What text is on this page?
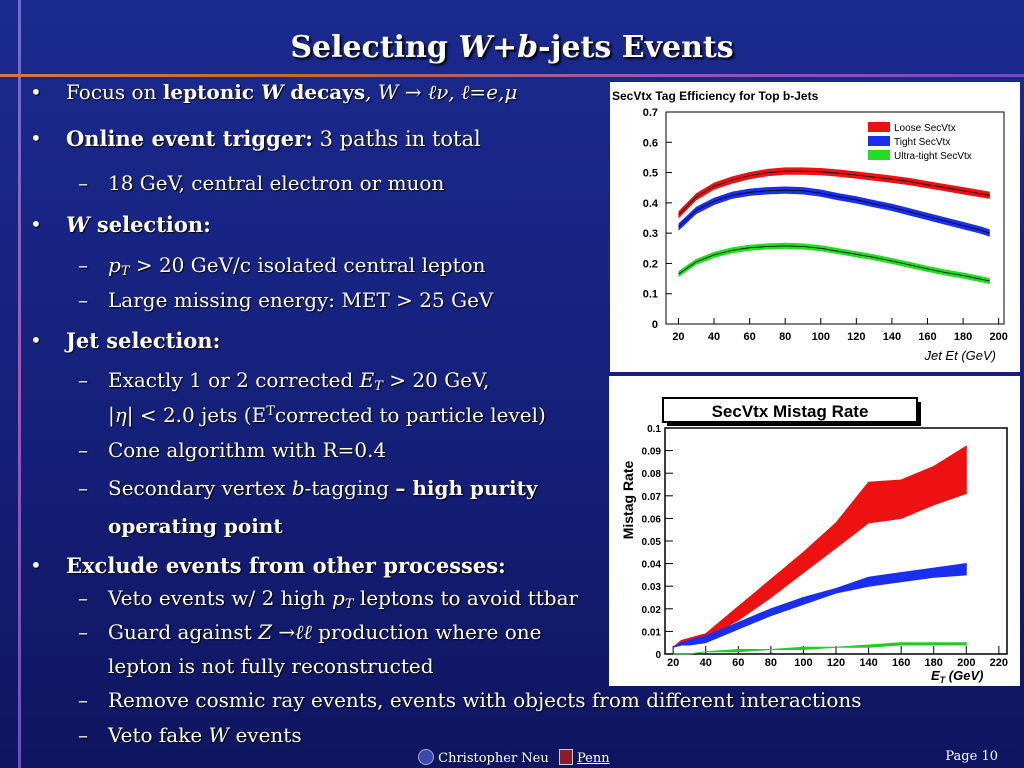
Selecting W+b-jets Events
•	Focus on leptonic W decays, W → ℓν, ℓ=e,μ
•	Online event trigger: 3 paths in total
–	18 GeV, central electron or muon
•	W selection:
–	$p_T > 20$ GeV/c isolated central lepton
–	Large missing energy: MET > 25 GeV
•	Jet selection:
–	Exactly 1 or 2 corrected $E_T > 20$ GeV,
| η | < 2.0 jets (E T corrected to particle level)
–	Cone algorithm with R=0.4
–	Secondary vertex b-tagging – high purity
operating point
•	Exclude events from other processes:
–	Veto events w/ 2 high $p_T$ leptons to avoid ttbar
–	Guard against Z →ℓℓ production where one
lepton is not fully reconstructed
–	Remove cosmic ray events, events with objects from different interactions
–	Veto fake W events
SecVtx Tag Efficiency for Top b-Jets
0
0.1
0.2
0.3
0.4
0.5
0.6
0.7
20 40 60 80 100 120 140 160 180 200
Loose SecVtx
Tight SecVtx
Ultra-tight SecVtx
Jet Et (GeV)
SecVtx Mistag Rate
Mistag Rate
0
0.01
0.02
0.03
0.04
0.05
0.06
0.07
0.08
0.09
0.1
20 40 60 80 100 120 140 160 180 200 220
$E_T$ (GeV)
Christopher Neu Penn	Page 10
